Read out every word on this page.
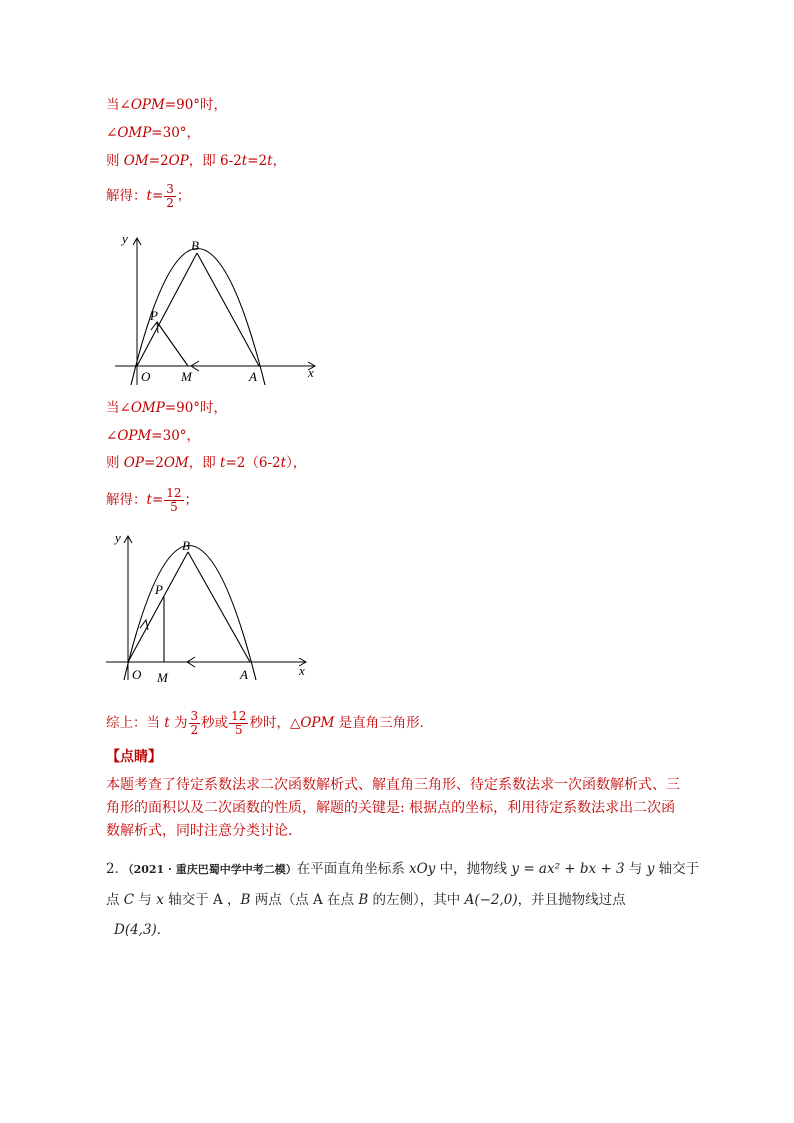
当∠OPM=90°时，
∠OMP=30°，
则 OM=2OP，即 6-2t=2t，
解得：$t= \frac{3}{2}$ ；
y
x
O M	A
B
P
当∠OMP=90°时，
∠OPM=30°，
则 OP=2OM，即 t=2（6-2t），
解得：$t= \frac{12}{5}$ ；
y
x
O M	A
B
P
综上：当 t 为 $\frac{3}{2}$ 秒或 $\frac{12}{5}$ 秒时，△OPM 是直角三角形．
【点睛】
本题考查了待定系数法求二次函数解析式、解直角三角形、待定系数法求一次函数解析式、三角形的面积以及二次函数的性质，解题的关键是: 根据点的坐标，利用待定系数法求出二次函数解析式，同时注意分类讨论．
2．（2021 · 重庆巴蜀中学中考二模）在平面直角坐标系 xOy 中，抛物线 y = ax² + bx + 3 与 y 轴交于点 C 与 x 轴交于 A ，B 两点（点 A 在点 B 的左侧），其中 A(−2,0)，并且抛物线过点
D(4,3)．
